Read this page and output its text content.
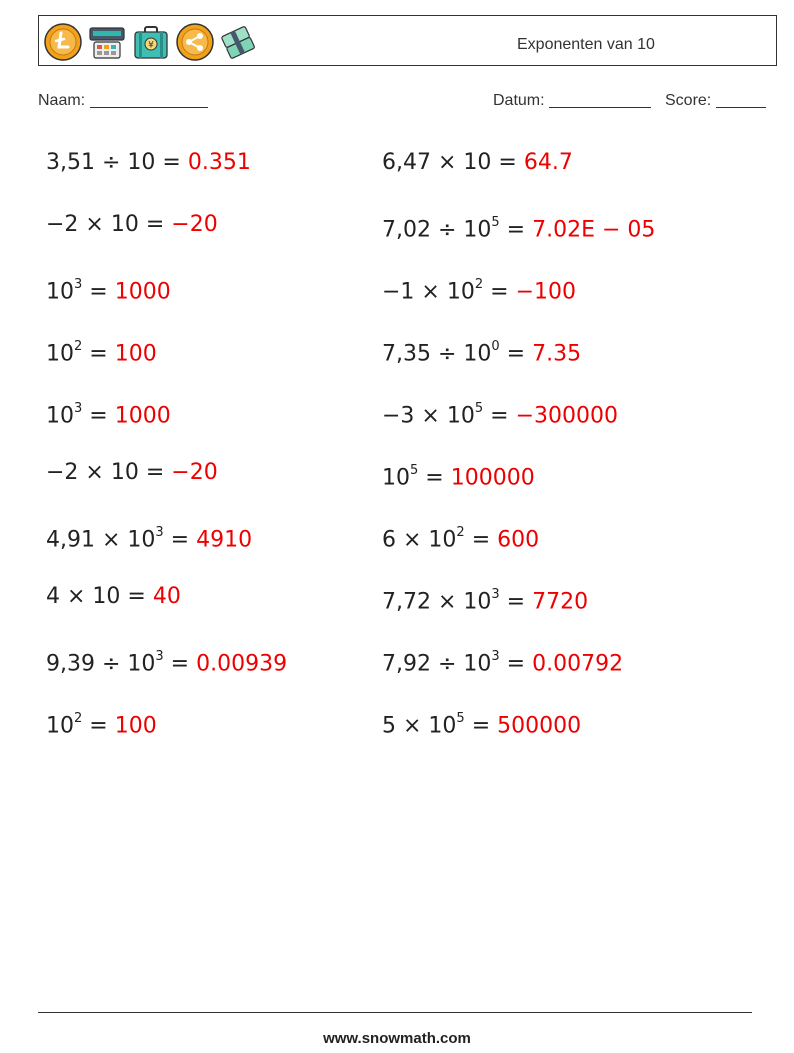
¥	Exponenten van 10
Naam:	Datum:	Score:
3,51 ÷ 10 = 0.351
−2 × 10 = −20
$10^3 = 1000$
$10^2 = 100$
$10^3 = 1000$
−2 × 10 = −20
$4,91 \times 10^3 = 4910$
4 × 10 = 40
$9,39 \div 10^3 = 0.00939$
$10^2 = 100$
6,47 × 10 = 64.7
$7,02 \div 10^5 = 7.02E - 05$
$-1 \times 10^2 = -100$
$7,35 \div 10^0 = 7.35$
$-3 \times 10^5 = -300000$
$10^5 = 100000$
$6 \times 10^2 = 600$
$7,72 \times 10^3 = 7720$
$7,92 \div 10^3 = 0.00792$
$5 \times 10^5 = 500000$
www.snowmath.com
